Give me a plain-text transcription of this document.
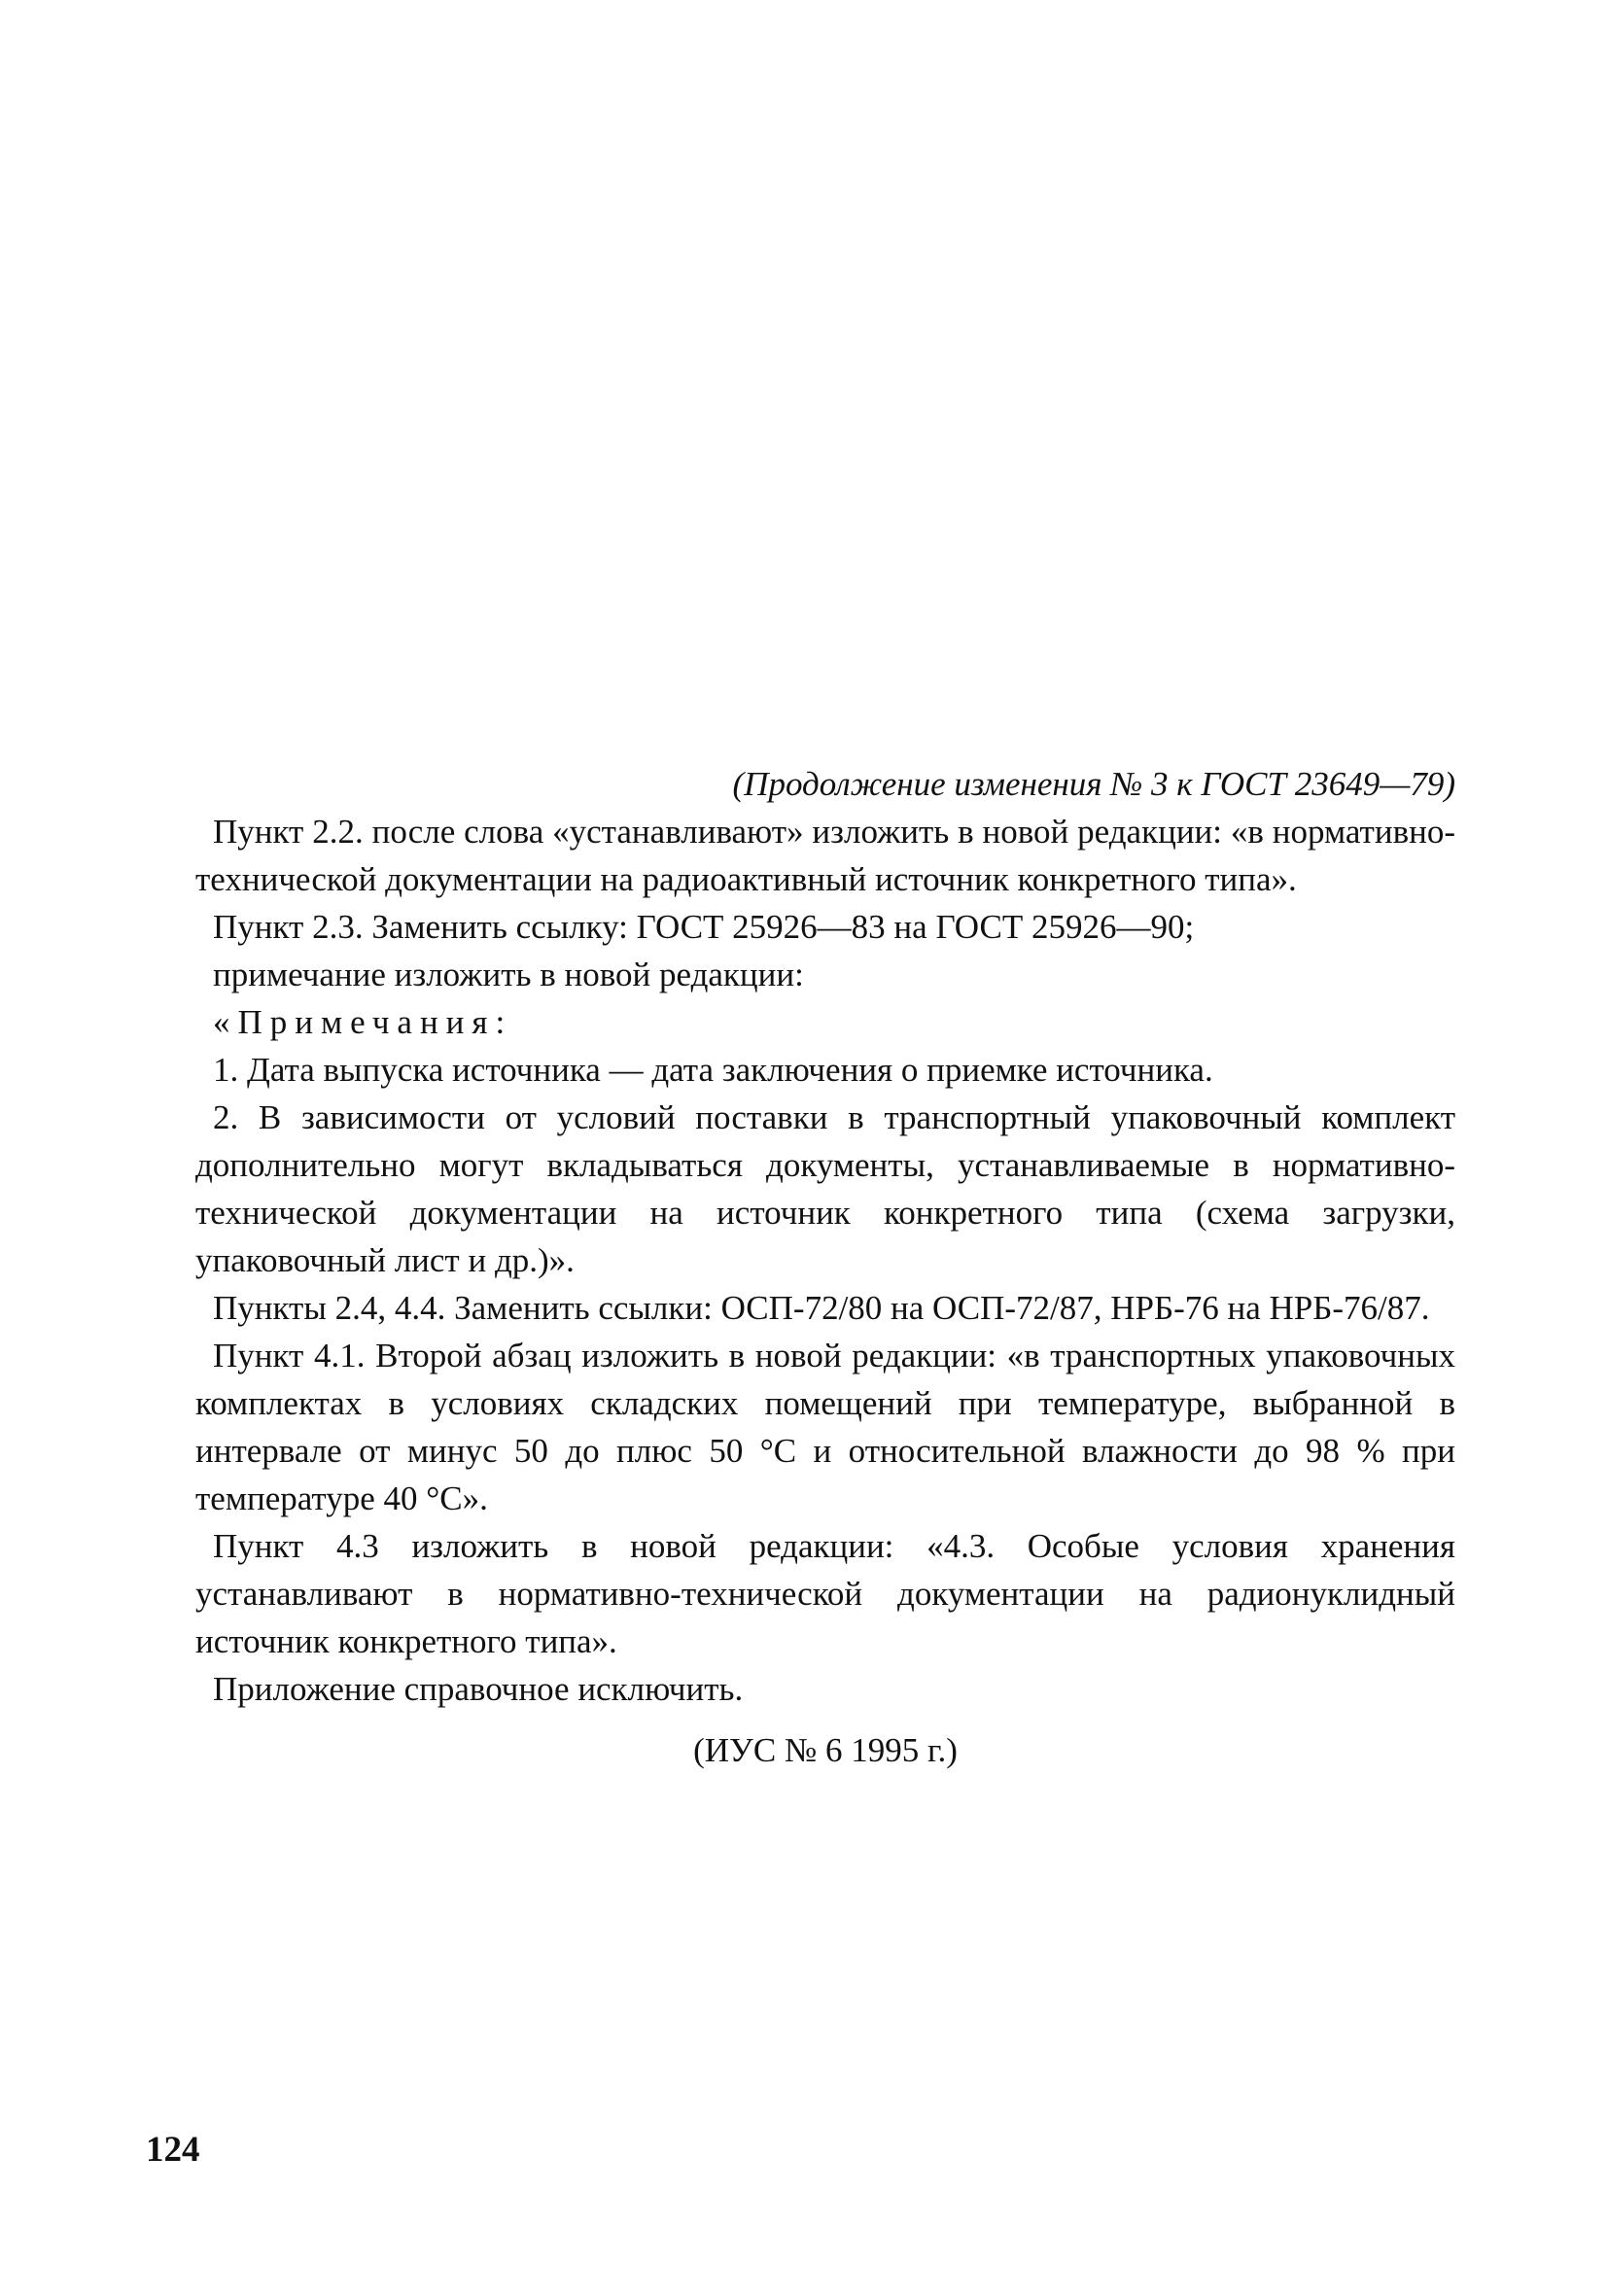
(Продолжение изменения № 3 к ГОСТ 23649—79)

Пункт 2.2. после слова «устанавливают» изложить в новой редакции: «в нормативно-технической документации на радиоактивный источник конкретного типа».

Пункт 2.3. Заменить ссылку: ГОСТ 25926—83 на ГОСТ 25926—90;

примечание изложить в новой редакции:

«Примечания:

1. Дата выпуска источника — дата заключения о приемке источника.

2. В зависимости от условий поставки в транспортный упаковочный комплект дополнительно могут вкладываться документы, устанавливаемые в нормативно-технической документации на источник конкретного типа (схема загрузки, упаковочный лист и др.)».

Пункты 2.4, 4.4. Заменить ссылки: ОСП-72/80 на ОСП-72/87, НРБ-76 на НРБ-76/87.

Пункт 4.1. Второй абзац изложить в новой редакции: «в транспортных упаковочных комплектах в условиях складских помещений при температуре, выбранной в интервале от минус 50 до плюс 50 °С и относительной влажности до 98 % при температуре 40 °С».

Пункт 4.3 изложить в новой редакции: «4.3. Особые условия хранения устанавливают в нормативно-технической документации на радионуклидный источник конкретного типа».

Приложение справочное исключить.

(ИУС № 6 1995 г.)

124
